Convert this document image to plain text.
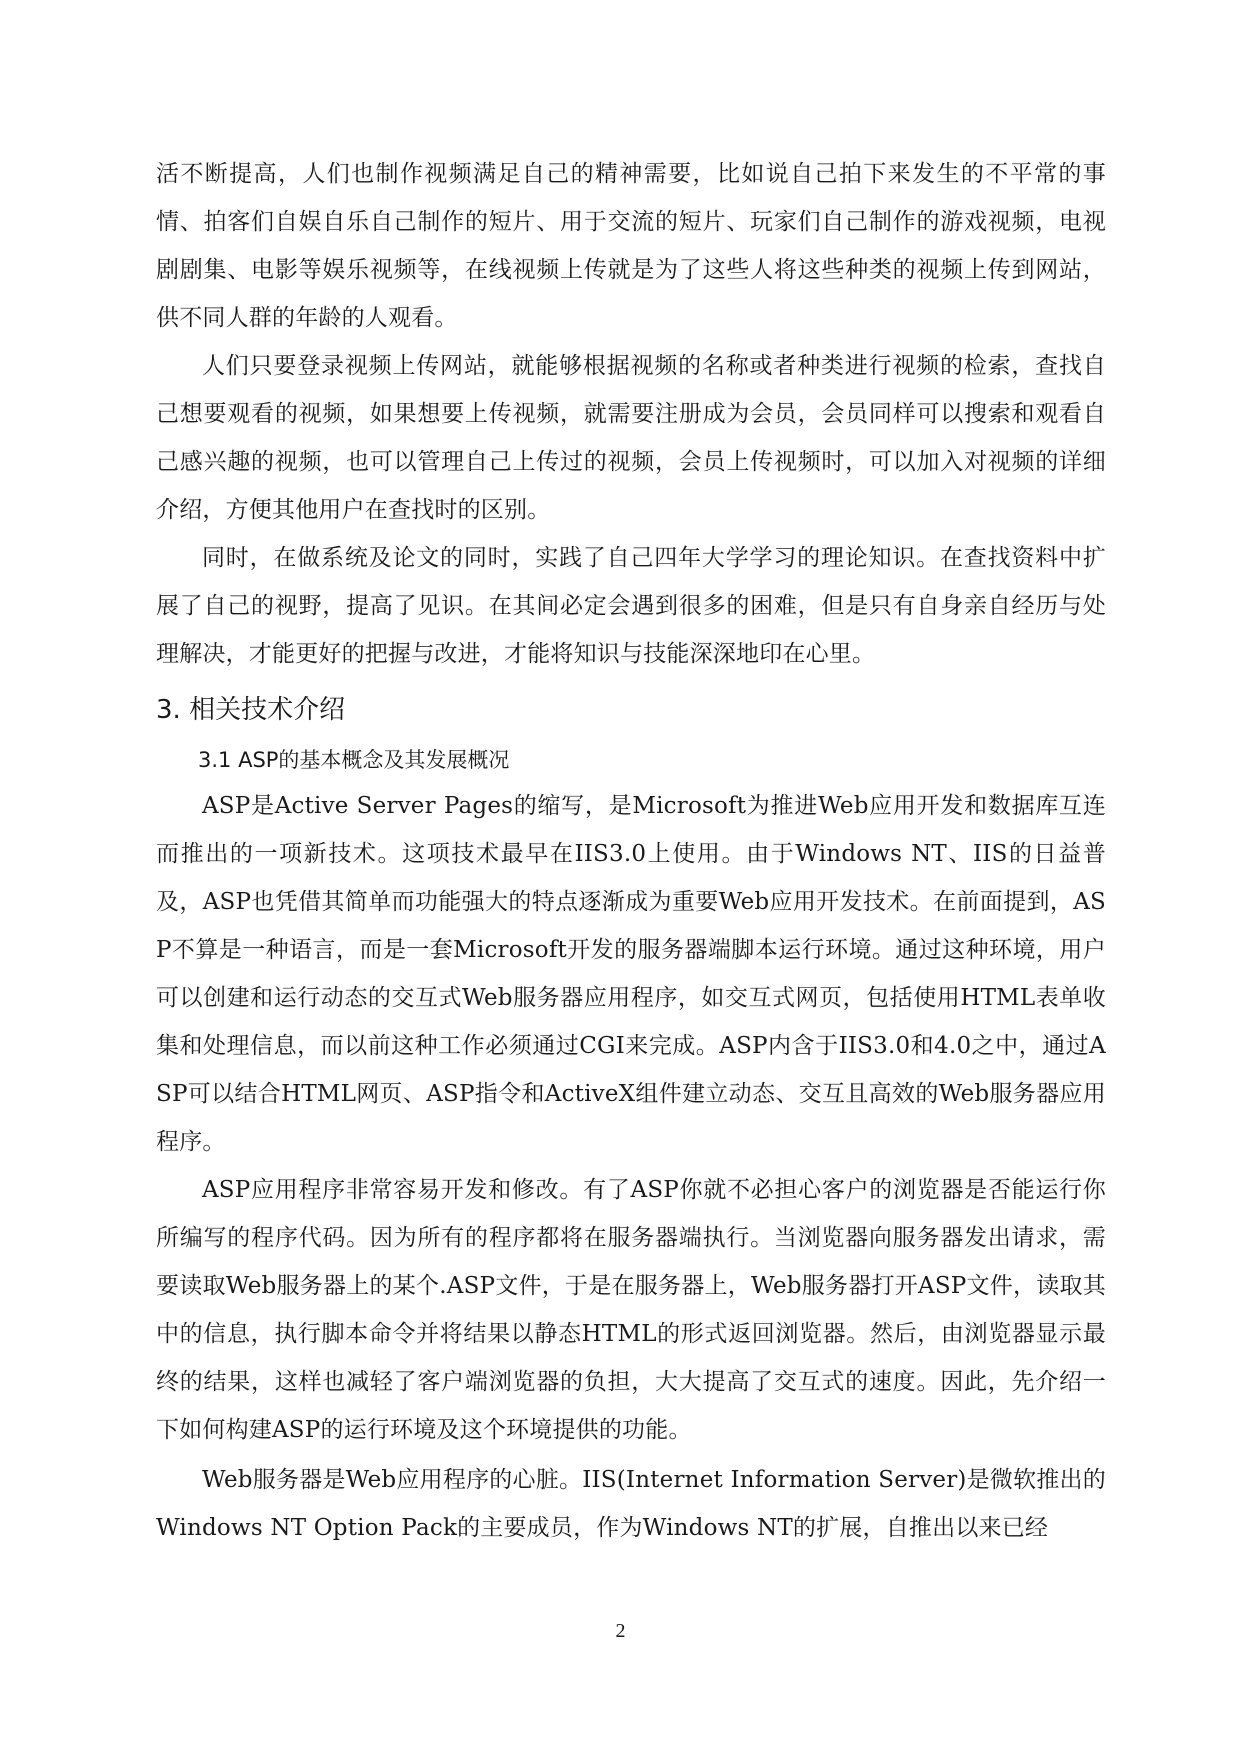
活不断提高，人们也制作视频满足自己的精神需要，比如说自己拍下来发生的不平常的事情、拍客们自娱自乐自己制作的短片、用于交流的短片、玩家们自己制作的游戏视频，电视剧剧集、电影等娱乐视频等，在线视频上传就是为了这些人将这些种类的视频上传到网站，供不同人群的年龄的人观看。

人们只要登录视频上传网站，就能够根据视频的名称或者种类进行视频的检索，查找自己想要观看的视频，如果想要上传视频，就需要注册成为会员，会员同样可以搜索和观看自己感兴趣的视频，也可以管理自己上传过的视频，会员上传视频时，可以加入对视频的详细介绍，方便其他用户在查找时的区别。

同时，在做系统及论文的同时，实践了自己四年大学学习的理论知识。在查找资料中扩展了自己的视野，提高了见识。在其间必定会遇到很多的困难，但是只有自身亲自经历与处理解决，才能更好的把握与改进，才能将知识与技能深深地印在心里。

3. 相关技术介绍
3.1 ASP的基本概念及其发展概况

ASP是Active Server Pages的缩写，是Microsoft为推进Web应用开发和数据库互连而推出的一项新技术。这项技术最早在IIS3.0上使用。由于Windows NT、IIS的日益普及，ASP也凭借其简单而功能强大的特点逐渐成为重要Web应用开发技术。在前面提到，ASP不算是一种语言，而是一套Microsoft开发的服务器端脚本运行环境。通过这种环境，用户可以创建和运行动态的交互式Web服务器应用程序，如交互式网页，包括使用HTML表单收集和处理信息，而以前这种工作必须通过CGI来完成。ASP内含于IIS3.0和4.0之中，通过ASP可以结合HTML网页、ASP指令和ActiveX组件建立动态、交互且高效的Web服务器应用程序。

ASP应用程序非常容易开发和修改。有了ASP你就不必担心客户的浏览器是否能运行你所编写的程序代码。因为所有的程序都将在服务器端执行。当浏览器向服务器发出请求，需要读取Web服务器上的某个.ASP文件，于是在服务器上，Web服务器打开ASP文件，读取其中的信息，执行脚本命令并将结果以静态HTML的形式返回浏览器。然后，由浏览器显示最终的结果，这样也减轻了客户端浏览器的负担，大大提高了交互式的速度。因此，先介绍一下如何构建ASP的运行环境及这个环境提供的功能。

Web服务器是Web应用程序的心脏。IIS(Internet Information Server)是微软推出的Windows NT Option Pack的主要成员，作为Windows NT的扩展，自推出以来已经

2
